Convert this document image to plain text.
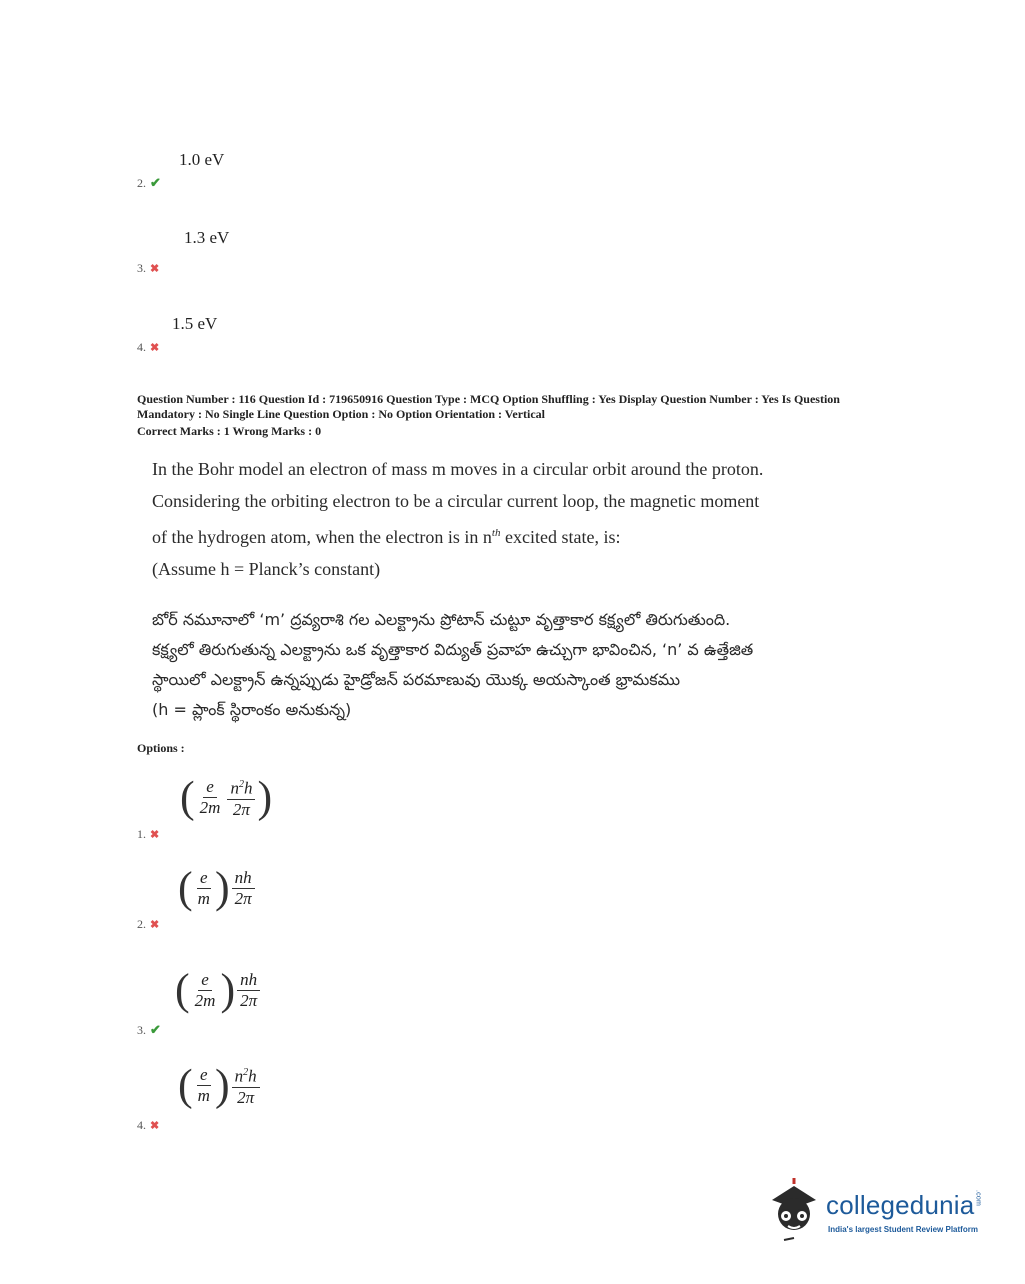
1.0 eV
2. ✔
1.3 eV
3. ✖
1.5 eV
4. ✖
Question Number : 116 Question Id : 719650916 Question Type : MCQ Option Shuffling : Yes Display Question Number : Yes Is Question
Mandatory : No Single Line Question Option : No Option Orientation : Vertical
Correct Marks : 1 Wrong Marks : 0
In the Bohr model an electron of mass m moves in a circular orbit around the proton.
Considering the orbiting electron to be a circular current loop, the magnetic moment
of the hydrogen atom, when the electron is in $n^{th}$ excited state, is:
(Assume h = Planck’s constant)
బోర్ నమూనాలో ‘m’ ద్రవ్యరాశి గల ఎలక్ట్రాను ప్రోటాన్ చుట్టూ వృత్తాకార కక్ష్యలో తిరుగుతుంది.
కక్ష్యలో తిరుగుతున్న ఎలక్ట్రాను ఒక వృత్తాకార విద్యుత్ ప్రవాహ ఉచ్చుగా భావించిన, ‘n’ వ ఉత్తేజిత
స్థాయిలో ఎలక్ట్రాన్ ఉన్నప్పుడు హైడ్రోజన్ పరమాణువు యొక్క అయస్కాంత భ్రామకము
(h = ప్లాంక్ స్థిరాంకం అనుకున్న)
Options :
( $\frac{e}{2m} \frac{n^2h}{2\pi}$ )
1. ✖
( $\frac{e}{m}$ ) $\frac{nh}{2\pi}$
2. ✖
( $\frac{e}{2m}$ ) $\frac{nh}{2\pi}$
3. ✔
( $\frac{e}{m}$ ) $\frac{n^2h}{2\pi}$
4. ✖
collegedunia.com
India's largest Student Review Platform
